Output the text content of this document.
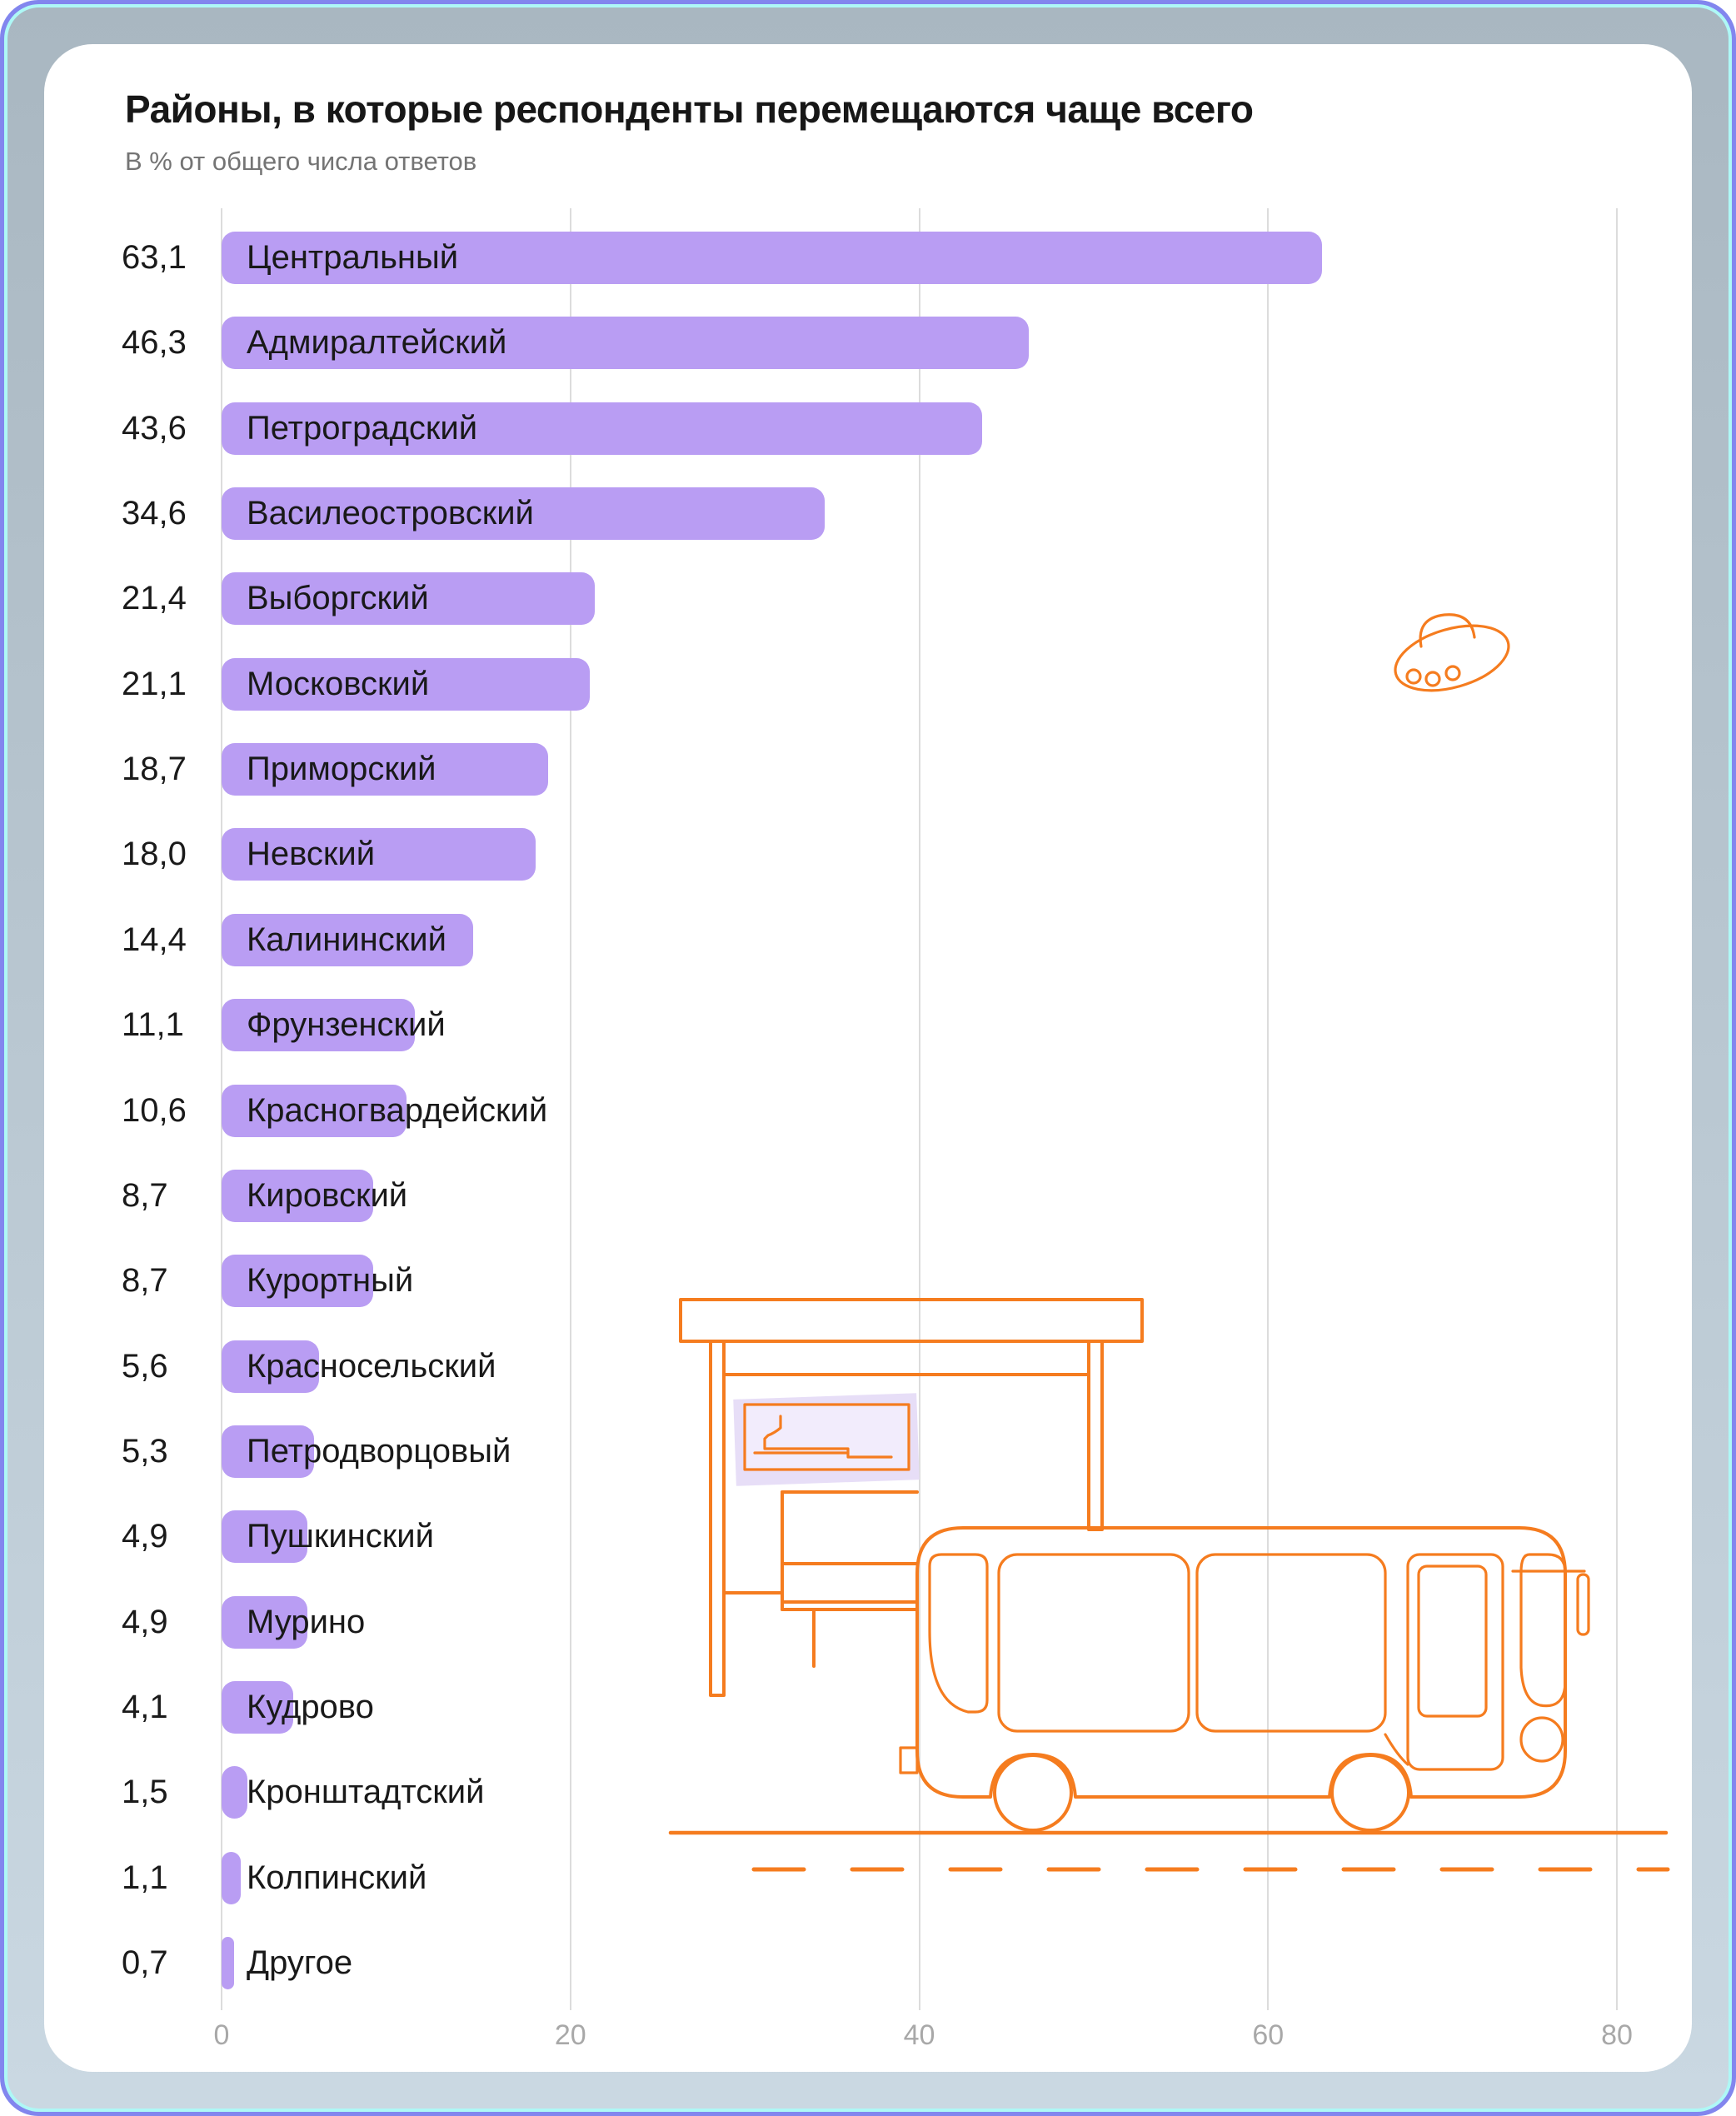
Районы, в которые респонденты перемещаются чаще всего
В % от общего числа ответов
63,1 Центральный
46,3 Адмиралтейский
43,6 Петроградский
34,6 Василеостровский
21,4 Выборгский
21,1 Московский
18,7 Приморский
18,0 Невский
14,4 Калининский
11,1 Фрунзенский
10,6 Красногвардейский
8,7 Кировский
8,7 Курортный
5,6 Красносельский
5,3 Петродворцовый
4,9 Пушкинский
4,9 Мурино
4,1 Кудрово
1,5 Кронштадтский
1,1 Колпинский
0,7 Другое
0	20	40	60	80
